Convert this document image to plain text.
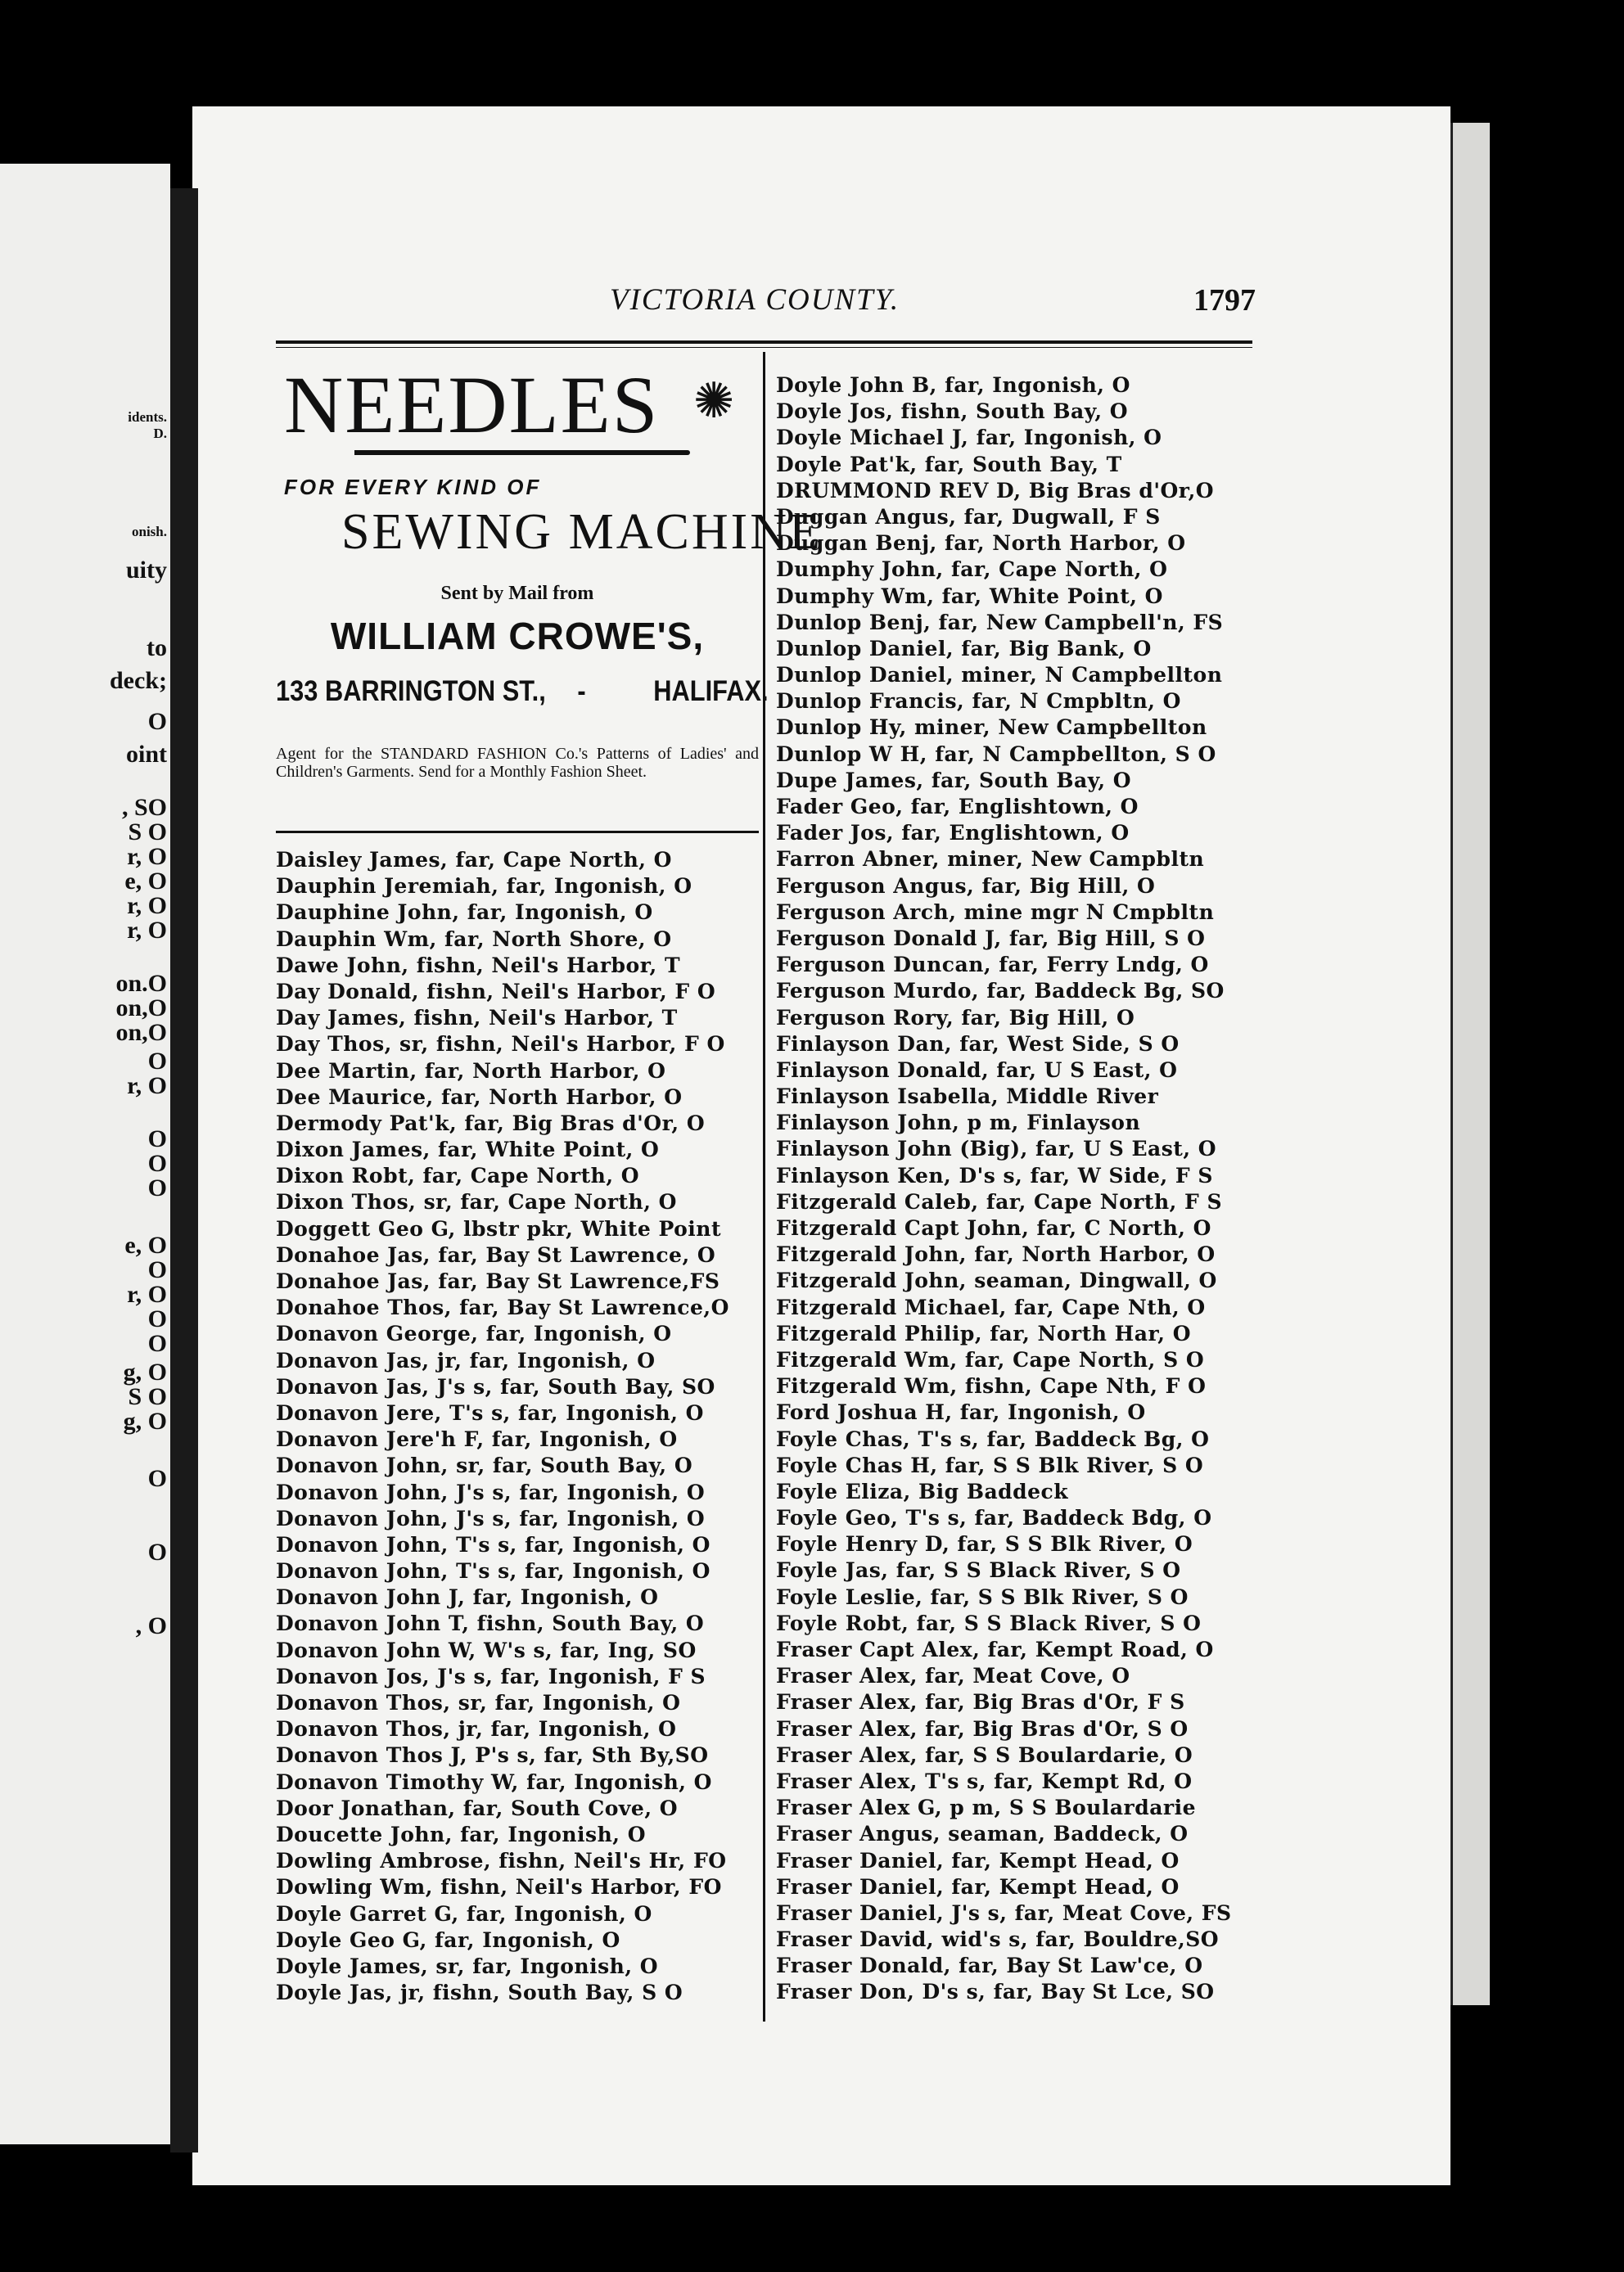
idents.
D.
onish.
uity
to
deck;
O
oint
, SO
S O
r, O
e, O
r, O
r, O
on.O
on,O
on,O
O
r, O
O
O
O
e, O
O
r, O
O
O
g, O
S O
g, O
O
O
, O
VICTORIA COUNTY.	1797
NEEDLES ✺
FOR EVERY KIND OF
SEWING MACHINE
Sent by Mail from
WILLIAM CROWE'S,
133 BARRINGTON ST., - HALIFAX.
Agent for the STANDARD FASHION Co.'s Patterns of Ladies' and Children's Garments. Send for a Monthly Fashion Sheet.
Daisley James, far, Cape North, O
Dauphin Jeremiah, far, Ingonish, O
Dauphine John, far, Ingonish, O
Dauphin Wm, far, North Shore, O
Dawe John, fishn, Neil's Harbor, T
Day Donald, fishn, Neil's Harbor, F O
Day James, fishn, Neil's Harbor, T
Day Thos, sr, fishn, Neil's Harbor, F O
Dee Martin, far, North Harbor, O
Dee Maurice, far, North Harbor, O
Dermody Pat'k, far, Big Bras d'Or, O
Dixon James, far, White Point, O
Dixon Robt, far, Cape North, O
Dixon Thos, sr, far, Cape North, O
Doggett Geo G, lbstr pkr, White Point
Donahoe Jas, far, Bay St Lawrence, O
Donahoe Jas, far, Bay St Lawrence,FS
Donahoe Thos, far, Bay St Lawrence,O
Donavon George, far, Ingonish, O
Donavon Jas, jr, far, Ingonish, O
Donavon Jas, J's s, far, South Bay, SO
Donavon Jere, T's s, far, Ingonish, O
Donavon Jere'h F, far, Ingonish, O
Donavon John, sr, far, South Bay, O
Donavon John, J's s, far, Ingonish, O
Donavon John, J's s, far, Ingonish, O
Donavon John, T's s, far, Ingonish, O
Donavon John, T's s, far, Ingonish, O
Donavon John J, far, Ingonish, O
Donavon John T, fishn, South Bay, O
Donavon John W, W's s, far, Ing, SO
Donavon Jos, J's s, far, Ingonish, F S
Donavon Thos, sr, far, Ingonish, O
Donavon Thos, jr, far, Ingonish, O
Donavon Thos J, P's s, far, Sth By,SO
Donavon Timothy W, far, Ingonish, O
Door Jonathan, far, South Cove, O
Doucette John, far, Ingonish, O
Dowling Ambrose, fishn, Neil's Hr, FO
Dowling Wm, fishn, Neil's Harbor, FO
Doyle Garret G, far, Ingonish, O
Doyle Geo G, far, Ingonish, O
Doyle James, sr, far, Ingonish, O
Doyle Jas, jr, fishn, South Bay, S O
Doyle John B, far, Ingonish, O
Doyle Jos, fishn, South Bay, O
Doyle Michael J, far, Ingonish, O
Doyle Pat'k, far, South Bay, T
DRUMMOND REV D, Big Bras d'Or,O
Duggan Angus, far, Dugwall, F S
Duggan Benj, far, North Harbor, O
Dumphy John, far, Cape North, O
Dumphy Wm, far, White Point, O
Dunlop Benj, far, New Campbell'n, FS
Dunlop Daniel, far, Big Bank, O
Dunlop Daniel, miner, N Campbellton
Dunlop Francis, far, N Cmpbltn, O
Dunlop Hy, miner, New Campbellton
Dunlop W H, far, N Campbellton, S O
Dupe James, far, South Bay, O
Fader Geo, far, Englishtown, O
Fader Jos, far, Englishtown, O
Farron Abner, miner, New Campbltn
Ferguson Angus, far, Big Hill, O
Ferguson Arch, mine mgr N Cmpbltn
Ferguson Donald J, far, Big Hill, S O
Ferguson Duncan, far, Ferry Lndg, O
Ferguson Murdo, far, Baddeck Bg, SO
Ferguson Rory, far, Big Hill, O
Finlayson Dan, far, West Side, S O
Finlayson Donald, far, U S East, O
Finlayson Isabella, Middle River
Finlayson John, p m, Finlayson
Finlayson John (Big), far, U S East, O
Finlayson Ken, D's s, far, W Side, F S
Fitzgerald Caleb, far, Cape North, F S
Fitzgerald Capt John, far, C North, O
Fitzgerald John, far, North Harbor, O
Fitzgerald John, seaman, Dingwall, O
Fitzgerald Michael, far, Cape Nth, O
Fitzgerald Philip, far, North Har, O
Fitzgerald Wm, far, Cape North, S O
Fitzgerald Wm, fishn, Cape Nth, F O
Ford Joshua H, far, Ingonish, O
Foyle Chas, T's s, far, Baddeck Bg, O
Foyle Chas H, far, S S Blk River, S O
Foyle Eliza, Big Baddeck
Foyle Geo, T's s, far, Baddeck Bdg, O
Foyle Henry D, far, S S Blk River, O
Foyle Jas, far, S S Black River, S O
Foyle Leslie, far, S S Blk River, S O
Foyle Robt, far, S S Black River, S O
Fraser Capt Alex, far, Kempt Road, O
Fraser Alex, far, Meat Cove, O
Fraser Alex, far, Big Bras d'Or, F S
Fraser Alex, far, Big Bras d'Or, S O
Fraser Alex, far, S S Boulardarie, O
Fraser Alex, T's s, far, Kempt Rd, O
Fraser Alex G, p m, S S Boulardarie
Fraser Angus, seaman, Baddeck, O
Fraser Daniel, far, Kempt Head, O
Fraser Daniel, far, Kempt Head, O
Fraser Daniel, J's s, far, Meat Cove, FS
Fraser David, wid's s, far, Bouldre,SO
Fraser Donald, far, Bay St Law'ce, O
Fraser Don, D's s, far, Bay St Lce, SO
